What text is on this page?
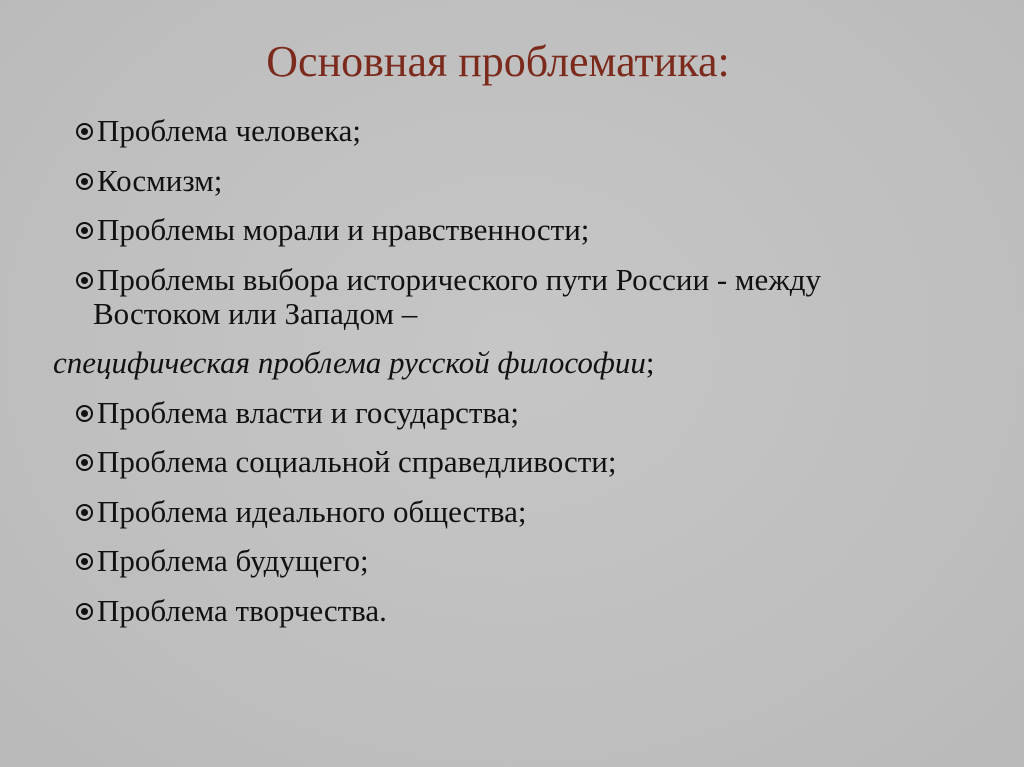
Основная проблематика:
Проблема человека;
Космизм;
Проблемы морали и нравственности;
Проблемы выбора исторического пути России - между
Востоком или Западом –
специфическая проблема русской философии;
Проблема власти и государства;
Проблема социальной справедливости;
Проблема идеального общества;
Проблема будущего;
Проблема творчества.
